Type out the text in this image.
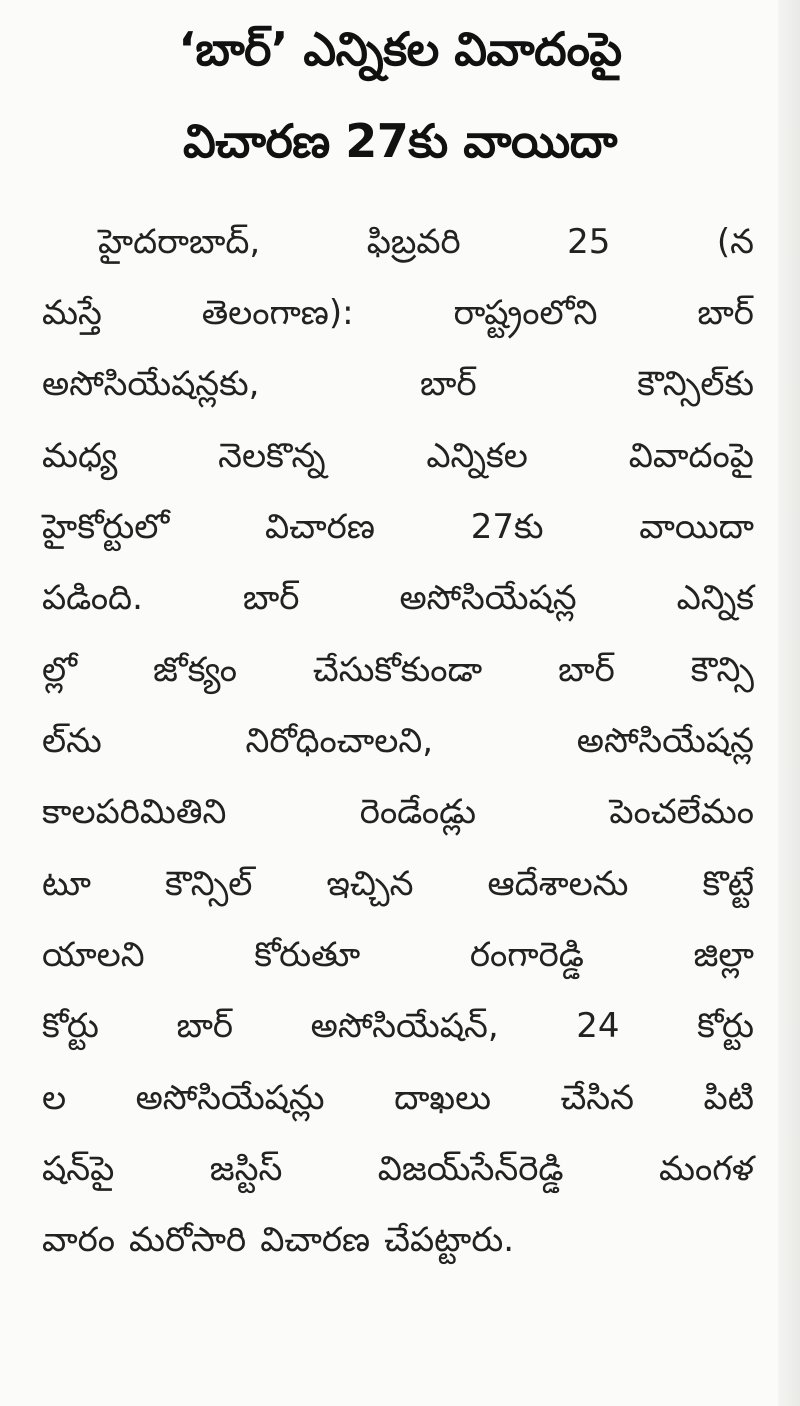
‘బార్’ ఎన్నికల వివాదంపై
విచారణ 27కు వాయిదా
హైదరాబాద్,	ఫిబ్రవరి	25	(న
మస్తే	తెలంగాణ):	రాష్ట్రంలోని	బార్
అసోసియేషన్లకు,	బార్	కౌన్సిల్‌కు
మధ్య	నెలకొన్న	ఎన్నికల	వివాదంపై
హైకోర్టులో	విచారణ	27కు	వాయిదా
పడింది.	బార్	అసోసియేషన్ల	ఎన్నిక
ల్లో జోక్యం చేసుకోకుండా బార్ కౌన్సి
ల్‌ను	నిరోధించాలని,	అసోసియేషన్ల
కాలపరిమితిని	రెండేండ్లు	పెంచలేమం
టూ కౌన్సిల్ ఇచ్చిన ఆదేశాలను కొట్టే
యాలని	కోరుతూ	రంగారెడ్డి	జిల్లా
కోర్టు బార్ అసోసియేషన్, 24 కోర్టు
ల అసోసియేషన్లు దాఖలు చేసిన పిటి
షన్‌పై	జస్టిస్	విజయ్‌సేన్‌రెడ్డి	మంగళ
వారం మరోసారి విచారణ చేపట్టారు.
